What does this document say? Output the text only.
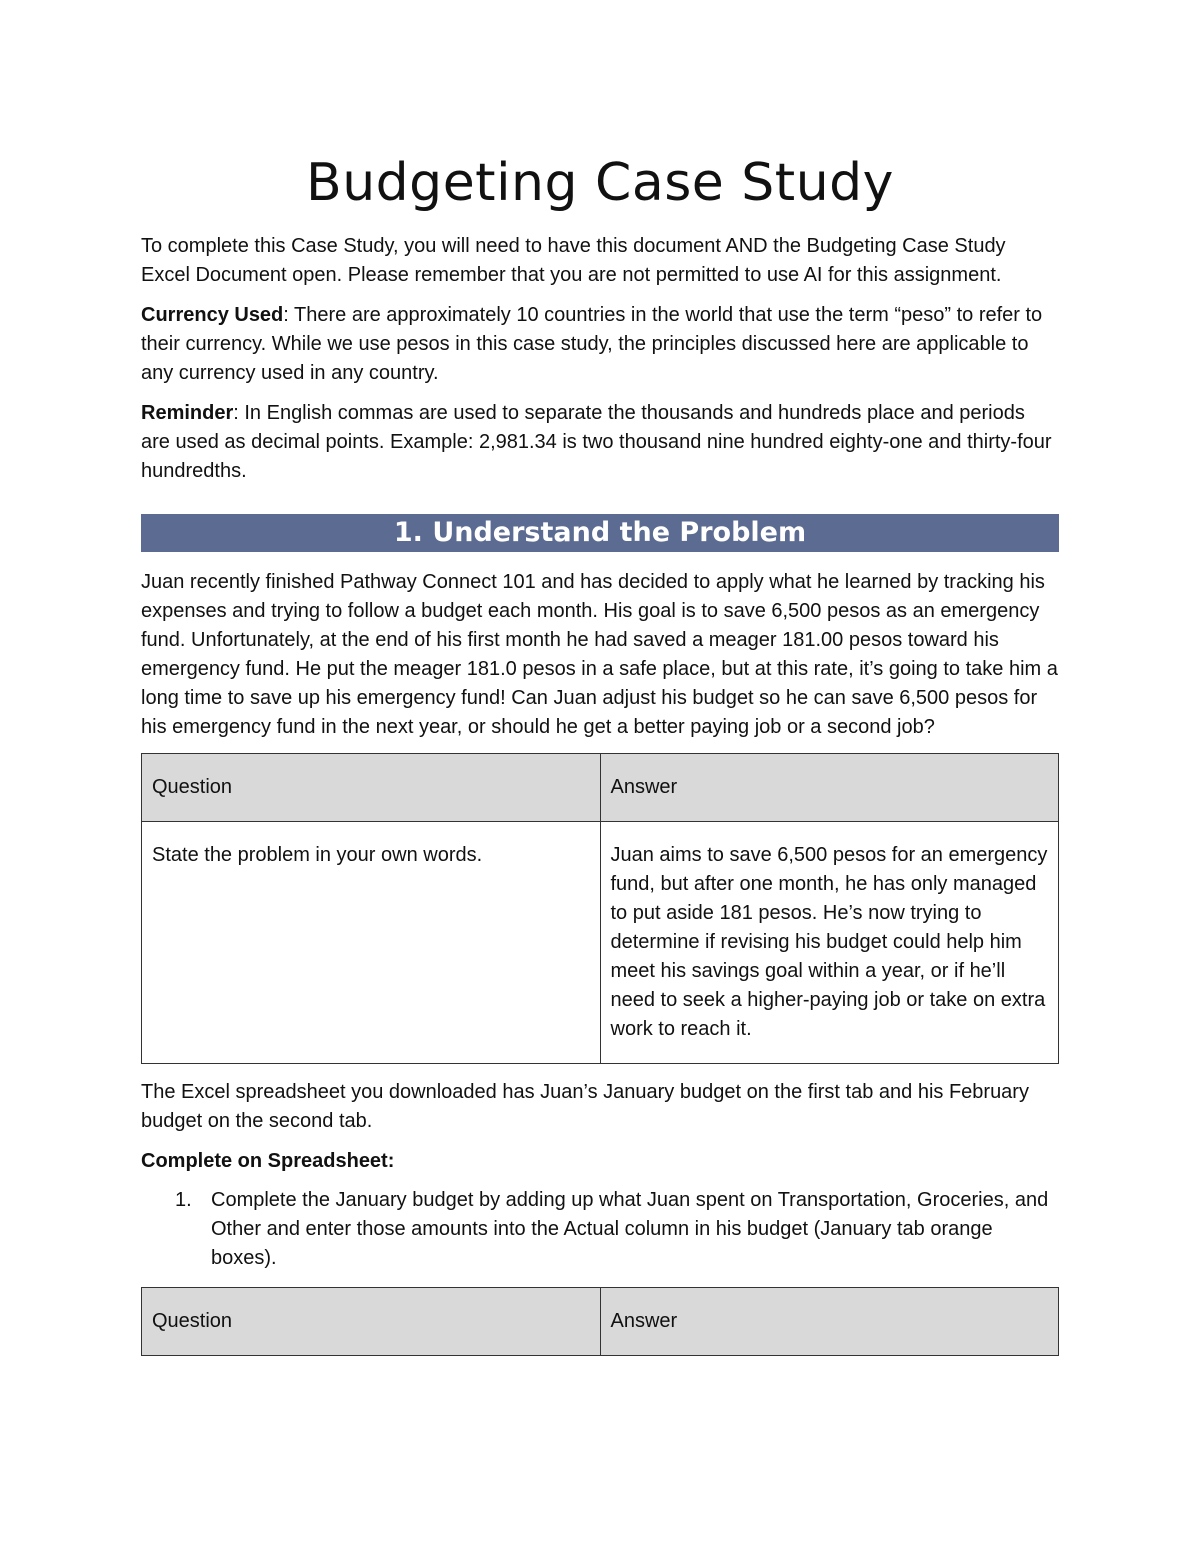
Budgeting Case Study

To complete this Case Study, you will need to have this document AND the Budgeting Case Study Excel Document open. Please remember that you are not permitted to use AI for this assignment.

Currency Used: There are approximately 10 countries in the world that use the term “peso” to refer to their currency. While we use pesos in this case study, the principles discussed here are applicable to any currency used in any country.

Reminder: In English commas are used to separate the thousands and hundreds place and periods are used as decimal points. Example: 2,981.34 is two thousand nine hundred eighty-one and thirty-four hundredths.

1. Understand the Problem

Juan recently finished Pathway Connect 101 and has decided to apply what he learned by tracking his expenses and trying to follow a budget each month. His goal is to save 6,500 pesos as an emergency fund. Unfortunately, at the end of his first month he had saved a meager 181.00 pesos toward his emergency fund. He put the meager 181.0 pesos in a safe place, but at this rate, it’s going to take him a long time to save up his emergency fund! Can Juan adjust his budget so he can save 6,500 pesos for his emergency fund in the next year, or should he get a better paying job or a second job?

Question	Answer
State the problem in your own words.	Juan aims to save 6,500 pesos for an emergency fund, but after one month, he has only managed to put aside 181 pesos. He’s now trying to determine if revising his budget could help him meet his savings goal within a year, or if he’ll need to seek a higher-paying job or take on extra work to reach it.

The Excel spreadsheet you downloaded has Juan’s January budget on the first tab and his February budget on the second tab.

Complete on Spreadsheet:
1. Complete the January budget by adding up what Juan spent on Transportation, Groceries, and Other and enter those amounts into the Actual column in his budget (January tab orange boxes).
Question	Answer
